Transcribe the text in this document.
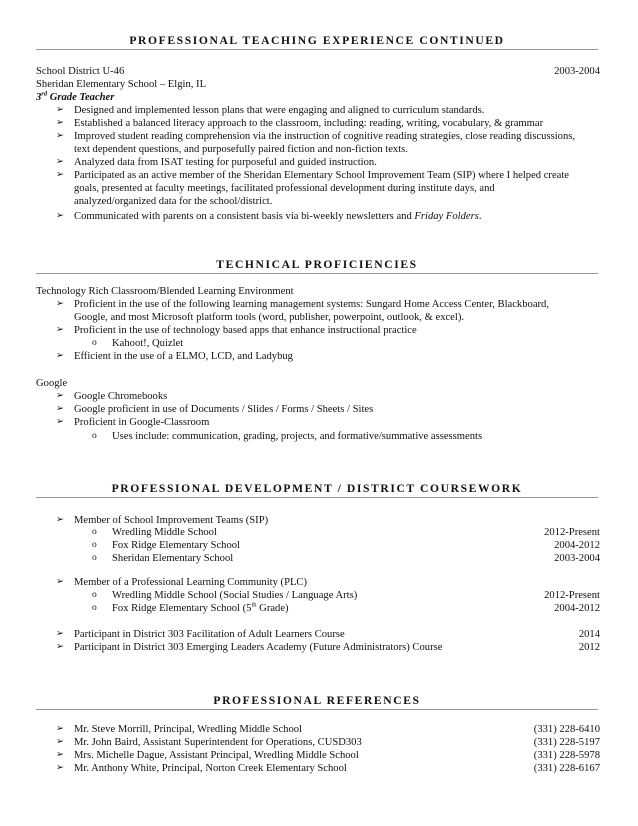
PROFESSIONAL TEACHING EXPERIENCE CONTINUED
School District U-46	2003-2004
Sheridan Elementary School – Elgin, IL
3rd Grade Teacher
➢ Designed and implemented lesson plans that were engaging and aligned to curriculum standards.
➢ Established a balanced literacy approach to the classroom, including: reading, writing, vocabulary, & grammar
➢ Improved student reading comprehension via the instruction of cognitive reading strategies, close reading discussions,
text dependent questions, and purposefully paired fiction and non-fiction texts.
➢ Analyzed data from ISAT testing for purposeful and guided instruction.
➢ Participated as an active member of the Sheridan Elementary School Improvement Team (SIP) where I helped create
goals, presented at faculty meetings, facilitated professional development during institute days, and
analyzed/organized data for the school/district.
➢ Communicated with parents on a consistent basis via bi-weekly newsletters and Friday Folders.
TECHNICAL PROFICIENCIES
Technology Rich Classroom/Blended Learning Environment
➢ Proficient in the use of the following learning management systems: Sungard Home Access Center, Blackboard,
Google, and most Microsoft platform tools (word, publisher, powerpoint, outlook, & excel).
➢ Proficient in the use of technology based apps that enhance instructional practice
o Kahoot!, Quizlet
➢ Efficient in the use of a ELMO, LCD, and Ladybug
Google
➢ Google Chromebooks
➢ Google proficient in use of Documents / Slides / Forms / Sheets / Sites
➢ Proficient in Google-Classroom
o Uses include: communication, grading, projects, and formative/summative assessments
PROFESSIONAL DEVELOPMENT / DISTRICT COURSEWORK
➢ Member of School Improvement Teams (SIP)
o Wredling Middle School	2012-Present
o Fox Ridge Elementary School	2004-2012
o Sheridan Elementary School	2003-2004
➢ Member of a Professional Learning Community (PLC)
o Wredling Middle School (Social Studies / Language Arts)	2012-Present
o Fox Ridge Elementary School (5th Grade)	2004-2012
➢ Participant in District 303 Facilitation of Adult Learners Course	2014
➢ Participant in District 303 Emerging Leaders Academy (Future Administrators) Course	2012
PROFESSIONAL REFERENCES
➢ Mr. Steve Morrill, Principal, Wredling Middle School	(331) 228-6410
➢ Mr. John Baird, Assistant Superintendent for Operations, CUSD303	(331) 228-5197
➢ Mrs. Michelle Dague, Assistant Principal, Wredling Middle School	(331) 228-5978
➢ Mr. Anthony White, Principal, Norton Creek Elementary School	(331) 228-6167
